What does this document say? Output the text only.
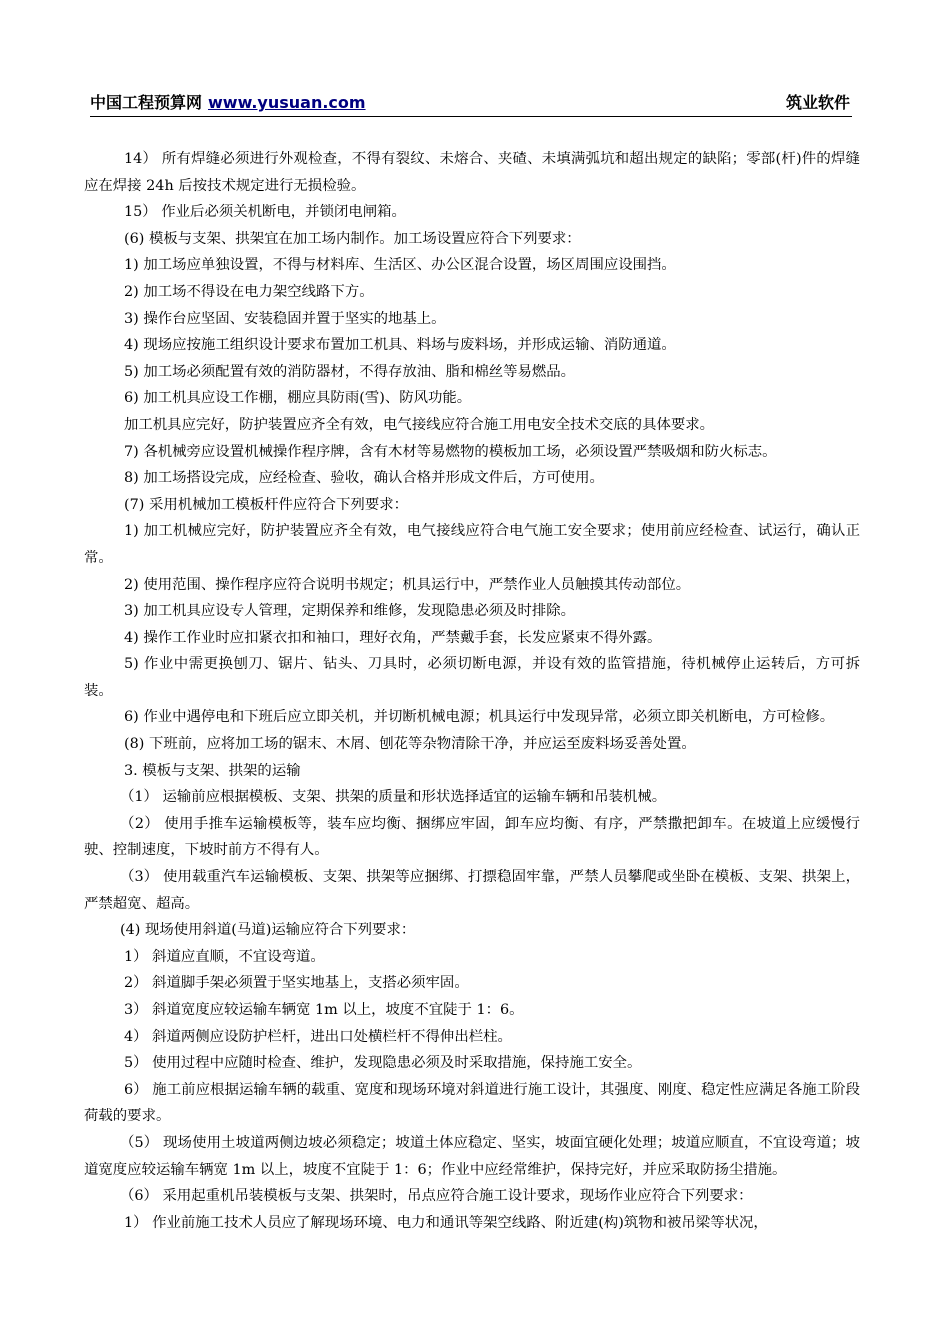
中国工程预算网 www.yusuan.com	筑业软件

14） 所有焊缝必须进行外观检查，不得有裂纹、未熔合、夹碴、未填满弧坑和超出规定的缺陷；零部(杆)件的焊缝应在焊接 24h 后按技术规定进行无损检验。

15） 作业后必须关机断电，并锁闭电闸箱。

(6) 模板与支架、拱架宜在加工场内制作。加工场设置应符合下列要求：

1) 加工场应单独设置，不得与材料库、生活区、办公区混合设置，场区周围应设围挡。

2) 加工场不得设在电力架空线路下方。

3) 操作台应坚固、安装稳固并置于坚实的地基上。

4) 现场应按施工组织设计要求布置加工机具、料场与废料场，并形成运输、消防通道。

5) 加工场必须配置有效的消防器材，不得存放油、脂和棉丝等易燃品。

6) 加工机具应设工作棚，棚应具防雨(雪)、防风功能。

加工机具应完好，防护装置应齐全有效，电气接线应符合施工用电安全技术交底的具体要求。

7) 各机械旁应设置机械操作程序牌，含有木材等易燃物的模板加工场，必须设置严禁吸烟和防火标志。

8) 加工场搭设完成，应经检查、验收，确认合格并形成文件后，方可使用。

(7) 采用机械加工模板杆件应符合下列要求：

1) 加工机械应完好，防护装置应齐全有效，电气接线应符合电气施工安全要求；使用前应经检查、试运行，确认正常。

2) 使用范围、操作程序应符合说明书规定；机具运行中，严禁作业人员触摸其传动部位。

3) 加工机具应设专人管理，定期保养和维修，发现隐患必须及时排除。

4) 操作工作业时应扣紧衣扣和袖口，理好衣角，严禁戴手套，长发应紧束不得外露。

5) 作业中需更换刨刀、锯片、钻头、刀具时，必须切断电源，并设有效的监管措施，待机械停止运转后，方可拆装。

6) 作业中遇停电和下班后应立即关机，并切断机械电源；机具运行中发现异常，必须立即关机断电，方可检修。

(8) 下班前，应将加工场的锯末、木屑、刨花等杂物清除干净，并应运至废料场妥善处置。

3. 模板与支架、拱架的运输

（1） 运输前应根据模板、支架、拱架的质量和形状选择适宜的运输车辆和吊装机械。

（2） 使用手推车运输模板等，装车应均衡、捆绑应牢固，卸车应均衡、有序，严禁撒把卸车。在坡道上应缓慢行驶、控制速度，下坡时前方不得有人。

（3） 使用载重汽车运输模板、支架、拱架等应捆绑、打摽稳固牢靠，严禁人员攀爬或坐卧在模板、支架、拱架上，严禁超宽、超高。

(4) 现场使用斜道(马道)运输应符合下列要求：

1） 斜道应直顺，不宜设弯道。

2） 斜道脚手架必须置于坚实地基上，支搭必须牢固。

3） 斜道宽度应较运输车辆宽 1m 以上，坡度不宜陡于 1：6。

4） 斜道两侧应设防护栏杆，进出口处横栏杆不得伸出栏柱。

5） 使用过程中应随时检查、维护，发现隐患必须及时采取措施，保持施工安全。

6） 施工前应根据运输车辆的载重、宽度和现场环境对斜道进行施工设计，其强度、刚度、稳定性应满足各施工阶段荷载的要求。

（5） 现场使用土坡道两侧边坡必须稳定；坡道土体应稳定、坚实，坡面宜硬化处理；坡道应顺直，不宜设弯道；坡道宽度应较运输车辆宽 1m 以上，坡度不宜陡于 1：6；作业中应经常维护，保持完好，并应采取防扬尘措施。

（6） 采用起重机吊装模板与支架、拱架时，吊点应符合施工设计要求，现场作业应符合下列要求：

1） 作业前施工技术人员应了解现场环境、电力和通讯等架空线路、附近建(构)筑物和被吊梁等状况，
